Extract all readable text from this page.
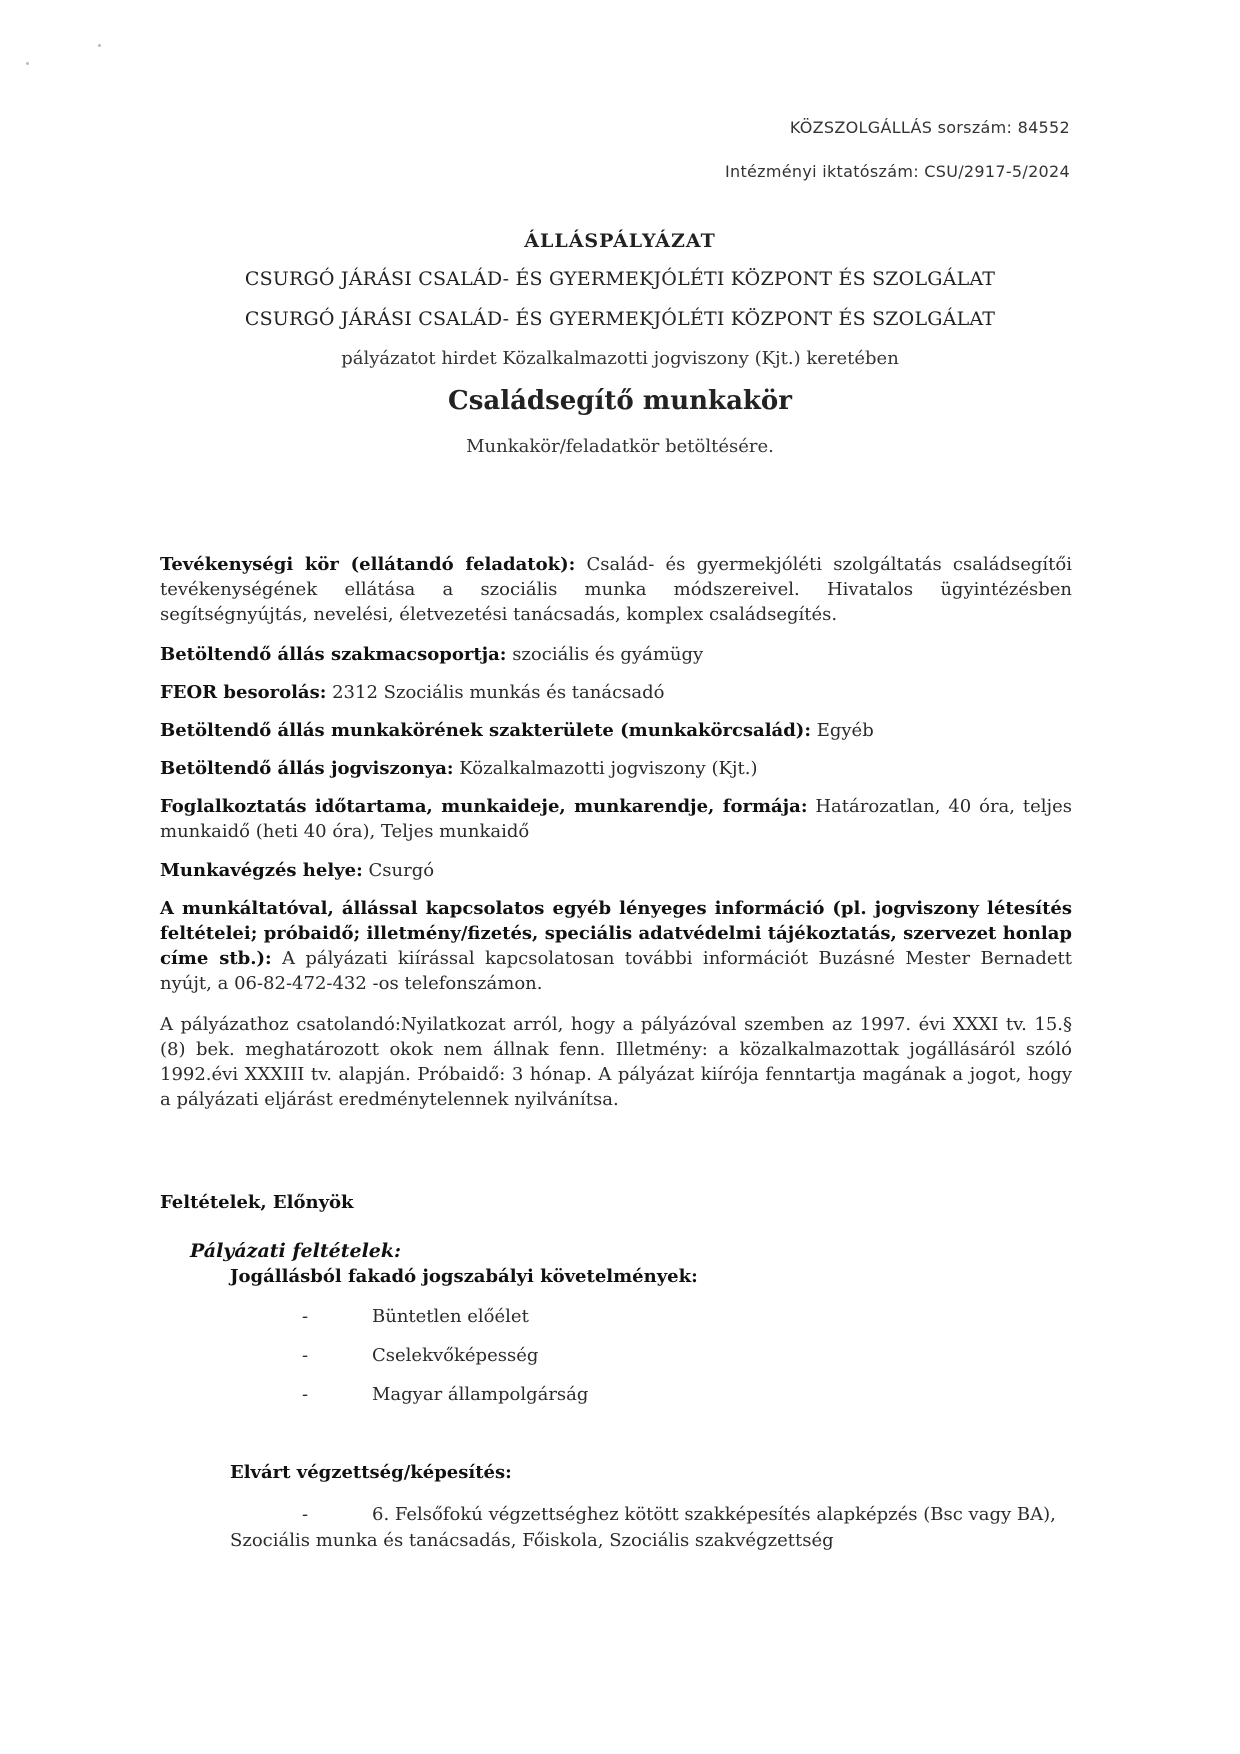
KÖZSZOLGÁLLÁS sorszám: 84552
Intézményi iktatószám: CSU/2917-5/2024
ÁLLÁSPÁLYÁZAT
CSURGÓ JÁRÁSI CSALÁD- ÉS GYERMEKJÓLÉTI KÖZPONT ÉS SZOLGÁLAT
CSURGÓ JÁRÁSI CSALÁD- ÉS GYERMEKJÓLÉTI KÖZPONT ÉS SZOLGÁLAT
pályázatot hirdet Közalkalmazotti jogviszony (Kjt.) keretében
Családsegítő munkakör
Munkakör/feladatkör betöltésére.
Tevékenységi kör (ellátandó feladatok): Család- és gyermekjóléti szolgáltatás családsegítői tevékenységének ellátása a szociális munka módszereivel. Hivatalos ügyintézésben segítségnyújtás, nevelési, életvezetési tanácsadás, komplex családsegítés.
Betöltendő állás szakmacsoportja: szociális és gyámügy
FEOR besorolás: 2312 Szociális munkás és tanácsadó
Betöltendő állás munkakörének szakterülete (munkakörcsalád): Egyéb
Betöltendő állás jogviszonya: Közalkalmazotti jogviszony (Kjt.)
Foglalkoztatás időtartama, munkaideje, munkarendje, formája: Határozatlan, 40 óra, teljes munkaidő (heti 40 óra), Teljes munkaidő
Munkavégzés helye: Csurgó
A munkáltatóval, állással kapcsolatos egyéb lényeges információ (pl. jogviszony létesítés feltételei; próbaidő; illetmény/fizetés, speciális adatvédelmi tájékoztatás, szervezet honlap címe stb.): A pályázati kiírással kapcsolatosan további információt Buzásné Mester Bernadett nyújt, a 06-82-472-432 -os telefonszámon.
A pályázathoz csatolandó:Nyilatkozat arról, hogy a pályázóval szemben az 1997. évi XXXI tv. 15.§ (8) bek. meghatározott okok nem állnak fenn. Illetmény: a közalkalmazottak jogállásáról szóló 1992.évi XXXIII tv. alapján. Próbaidő: 3 hónap. A pályázat kiírója fenntartja magának a jogot, hogy a pályázati eljárást eredménytelennek nyilvánítsa.
Feltételek, Előnyök
Pályázati feltételek:
Jogállásból fakadó jogszabályi követelmények:
-	Büntetlen előélet
-	Cselekvőképesség
-	Magyar állampolgárság
Elvárt végzettség/képesítés:
-	6. Felsőfokú végzettséghez kötött szakképesítés alapképzés (Bsc vagy BA),
Szociális munka és tanácsadás, Főiskola, Szociális szakvégzettség
